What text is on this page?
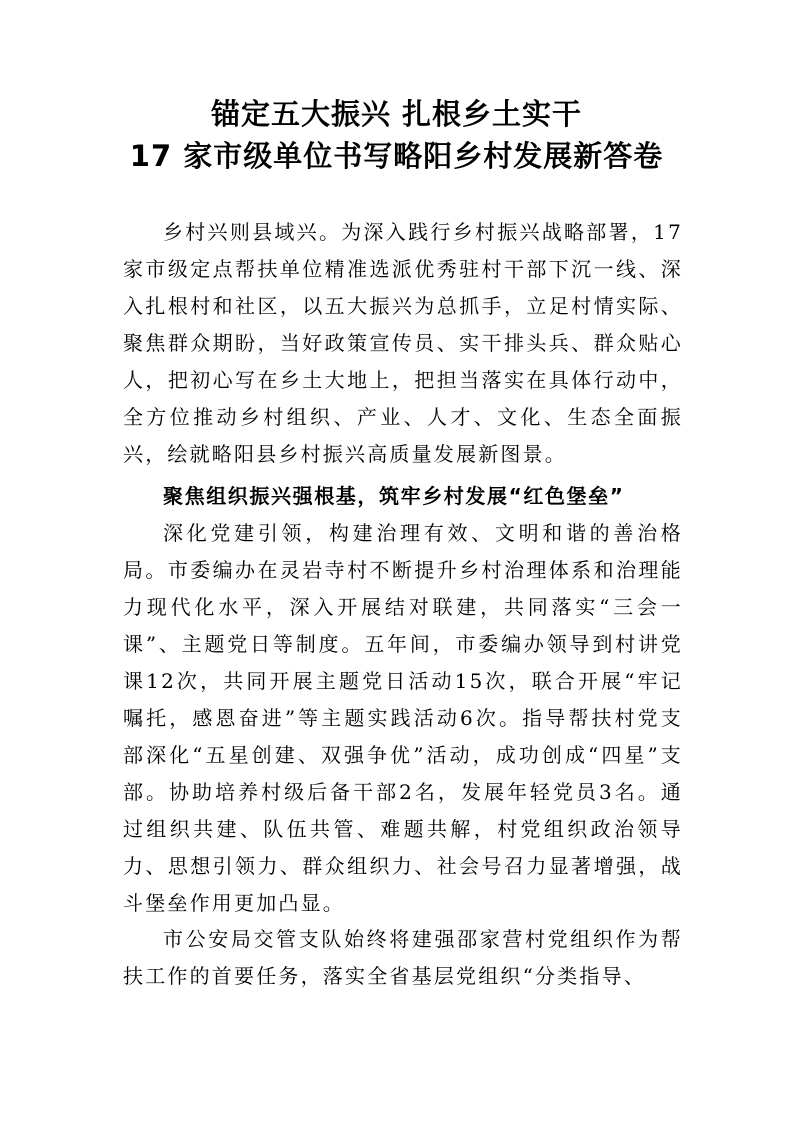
锚定五大振兴 扎根乡土实干
17 家市级单位书写略阳乡村发展新答卷

乡村兴则县域兴。为深入践行乡村振兴战略部署，17家市级定点帮扶单位精准选派优秀驻村干部下沉一线、深入扎根村和社区，以五大振兴为总抓手，立足村情实际、聚焦群众期盼，当好政策宣传员、实干排头兵、群众贴心人，把初心写在乡土大地上，把担当落实在具体行动中，全方位推动乡村组织、产业、人才、文化、生态全面振兴，绘就略阳县乡村振兴高质量发展新图景。

聚焦组织振兴强根基，筑牢乡村发展“红色堡垒”

深化党建引领，构建治理有效、文明和谐的善治格局。市委编办在灵岩寺村不断提升乡村治理体系和治理能力现代化水平，深入开展结对联建，共同落实“三会一课”、主题党日等制度。五年间，市委编办领导到村讲党课12次，共同开展主题党日活动15次，联合开展“牢记嘱托，感恩奋进”等主题实践活动6次。指导帮扶村党支部深化“五星创建、双强争优”活动，成功创成“四星”支部。协助培养村级后备干部2名，发展年轻党员3名。通过组织共建、队伍共管、难题共解，村党组织政治领导力、思想引领力、群众组织力、社会号召力显著增强，战斗堡垒作用更加凸显。

市公安局交管支队始终将建强邵家营村党组织作为帮扶工作的首要任务，落实全省基层党组织“分类指导、
